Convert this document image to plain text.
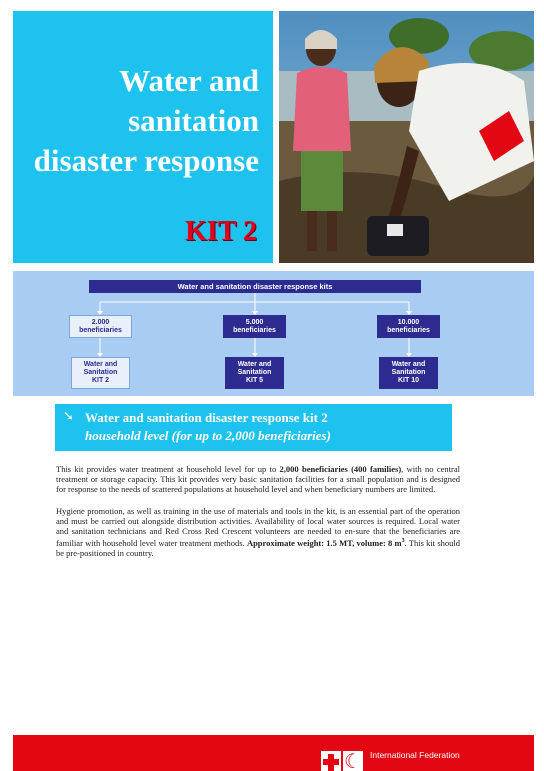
Water and
sanitation
disaster response
KIT 2
Water and sanitation disaster response kits
2.000
beneficiaries
5.000
beneficiaries
10.000
beneficiaries
Water and
Sanitation
KIT 2
Water and
Sanitation
KIT 5
Water and
Sanitation
KIT 10
➘ Water and sanitation disaster response kit 2
household level (for up to 2,000 beneficiaries)

This kit provides water treatment at household level for up to 2,000 beneficiaries (400 families), with no central treatment or storage capacity. This kit provides very basic sanitation facilities for a small population and is designed for response to the needs of scattered populations at household level and when beneficiary numbers are limited.

Hygiene promotion, as well as training in the use of materials and tools in the kit, is an essential part of the operation and must be carried out alongside distribution activities. Availability of local water sources is required. Local water and sanitation technicians and Red Cross Red Crescent volunteers are needed to en-sure that the beneficiaries are familiar with household level water treatment methods. Approximate weight: 1.5 MT, volume: 8 $m^3$. This kit should be pre-positioned in country.

☾ International Federation
